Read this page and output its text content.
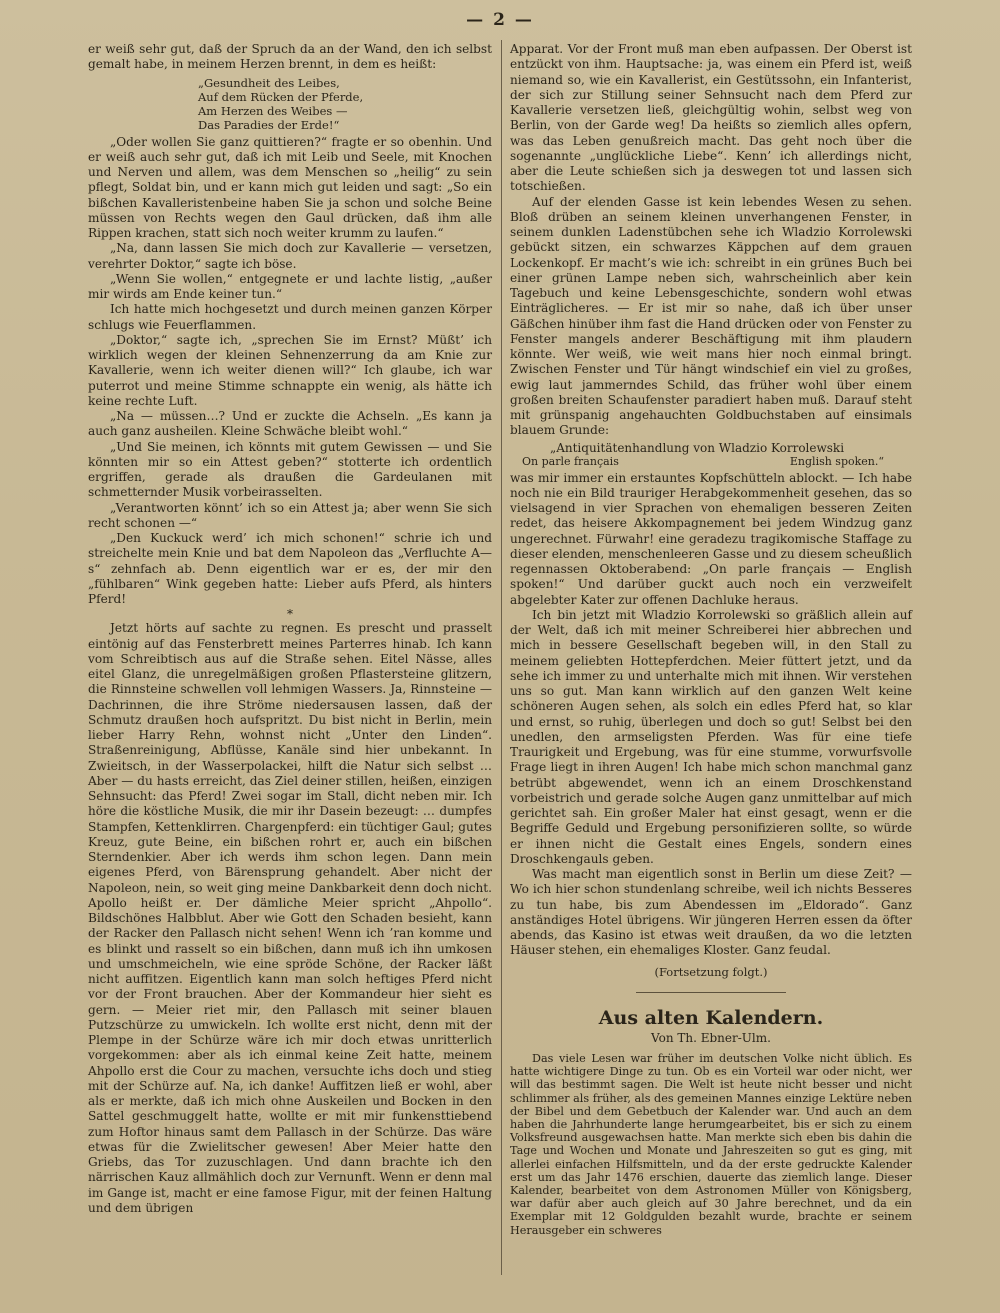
— 2 —

er weiß sehr gut, daß der Spruch da an der Wand, den ich selbst gemalt habe, in meinem Herzen brennt, in dem es heißt:

„Gesundheit des Leibes,
Auf dem Rücken der Pferde,
Am Herzen des Weibes —
Das Paradies der Erde!“

„Oder wollen Sie ganz quittieren?“ fragte er so obenhin. Und er weiß auch sehr gut, daß ich mit Leib und Seele, mit Knochen und Nerven und allem, was dem Menschen so „heilig“ zu sein pflegt, Soldat bin, und er kann mich gut leiden und sagt: „So ein bißchen Kavalleristenbeine haben Sie ja schon und solche Beine müssen von Rechts wegen den Gaul drücken, daß ihm alle Rippen krachen, statt sich noch weiter krumm zu laufen.“

„Na, dann lassen Sie mich doch zur Kavallerie — versetzen, verehrter Doktor,“ sagte ich böse.

„Wenn Sie wollen,“ entgegnete er und lachte listig, „außer mir wirds am Ende keiner tun.“

Ich hatte mich hochgesetzt und durch meinen ganzen Körper schlugs wie Feuerflammen.

„Doktor,“ sagte ich, „sprechen Sie im Ernst? Müßt’ ich wirklich wegen der kleinen Sehnenzerrung da am Knie zur Kavallerie, wenn ich weiter dienen will?“ Ich glaube, ich war puterrot und meine Stimme schnappte ein wenig, als hätte ich keine rechte Luft.

„Na — müssen…? Und er zuckte die Achseln. „Es kann ja auch ganz ausheilen. Kleine Schwäche bleibt wohl.“

„Und Sie meinen, ich könnts mit gutem Gewissen — und Sie könnten mir so ein Attest geben?“ stotterte ich ordentlich ergriffen, gerade als draußen die Gardeulanen mit schmetternder Musik vorbeirasselten.

„Verantworten könnt’ ich so ein Attest ja; aber wenn Sie sich recht schonen —“

„Den Kuckuck werd’ ich mich schonen!“ schrie ich und streichelte mein Knie und bat dem Napoleon das „Verfluchte A—s“ zehnfach ab. Denn eigentlich war er es, der mir den „fühlbaren“ Wink gegeben hatte: Lieber aufs Pferd, als hinters Pferd!

*

Jetzt hörts auf sachte zu regnen. Es prescht und prasselt eintönig auf das Fensterbrett meines Parterres hinab. Ich kann vom Schreibtisch aus auf die Straße sehen. Eitel Nässe, alles eitel Glanz, die unregelmäßigen großen Pflastersteine glitzern, die Rinnsteine schwellen voll lehmigen Wassers. Ja, Rinnsteine — Dachrinnen, die ihre Ströme niedersausen lassen, daß der Schmutz draußen hoch aufspritzt. Du bist nicht in Berlin, mein lieber Harry Rehn, wohnst nicht „Unter den Linden“. Straßenreinigung, Abflüsse, Kanäle sind hier unbekannt. In Zwieitsch, in der Wasserpolackei, hilft die Natur sich selbst … Aber — du hasts erreicht, das Ziel deiner stillen, heißen, einzigen Sehnsucht: das Pferd! Zwei sogar im Stall, dicht neben mir. Ich höre die köstliche Musik, die mir ihr Dasein bezeugt: … dumpfes Stampfen, Kettenklirren. Chargenpferd: ein tüchtiger Gaul; gutes Kreuz, gute Beine, ein bißchen rohrt er, auch ein bißchen Sterndenkier. Aber ich werds ihm schon legen. Dann mein eigenes Pferd, von Bärensprung gehandelt. Aber nicht der Napoleon, nein, so weit ging meine Dankbarkeit denn doch nicht. Apollo heißt er. Der dämliche Meier spricht „Ahpollo“. Bildschönes Halbblut. Aber wie Gott den Schaden besieht, kann der Racker den Pallasch nicht sehen! Wenn ich ’ran komme und es blinkt und rasselt so ein bißchen, dann muß ich ihn umkosen und umschmeicheln, wie eine spröde Schöne, der Racker läßt nicht auffitzen. Eigentlich kann man solch heftiges Pferd nicht vor der Front brauchen. Aber der Kommandeur hier sieht es gern. — Meier riet mir, den Pallasch mit seiner blauen Putzschürze zu umwickeln. Ich wollte erst nicht, denn mit der Plempe in der Schürze wäre ich mir doch etwas unritterlich vorgekommen: aber als ich einmal keine Zeit hatte, meinem Ahpollo erst die Cour zu machen, versuchte ichs doch und stieg mit der Schürze auf. Na, ich danke! Auffitzen ließ er wohl, aber als er merkte, daß ich mich ohne Auskeilen und Bocken in den Sattel geschmuggelt hatte, wollte er mit mir funkensttiebend zum Hoftor hinaus samt dem Pallasch in der Schürze. Das wäre etwas für die Zwielitscher gewesen! Aber Meier hatte den Griebs, das Tor zuzuschlagen. Und dann brachte ich den närrischen Kauz allmählich doch zur Vernunft. Wenn er denn mal im Gange ist, macht er eine famose Figur, mit der feinen Haltung und dem übrigen

Apparat. Vor der Front muß man eben aufpassen. Der Oberst ist entzückt von ihm. Hauptsache: ja, was einem ein Pferd ist, weiß niemand so, wie ein Kavallerist, ein Gestütssohn, ein Infanterist, der sich zur Stillung seiner Sehnsucht nach dem Pferd zur Kavallerie versetzen ließ, gleichgültig wohin, selbst weg von Berlin, von der Garde weg! Da heißts so ziemlich alles opfern, was das Leben genußreich macht. Das geht noch über die sogenannte „unglückliche Liebe“. Kenn’ ich allerdings nicht, aber die Leute schießen sich ja deswegen tot und lassen sich totschießen.

Auf der elenden Gasse ist kein lebendes Wesen zu sehen. Bloß drüben an seinem kleinen unverhangenen Fenster, in seinem dunklen Ladenstübchen sehe ich Wladzio Korrolewski gebückt sitzen, ein schwarzes Käppchen auf dem grauen Lockenkopf. Er macht’s wie ich: schreibt in ein grünes Buch bei einer grünen Lampe neben sich, wahrscheinlich aber kein Tagebuch und keine Lebensgeschichte, sondern wohl etwas Einträglicheres. — Er ist mir so nahe, daß ich über unser Gäßchen hinüber ihm fast die Hand drücken oder von Fenster zu Fenster mangels anderer Beschäftigung mit ihm plaudern könnte. Wer weiß, wie weit mans hier noch einmal bringt. Zwischen Fenster und Tür hängt windschief ein viel zu großes, ewig laut jammerndes Schild, das früher wohl über einem großen breiten Schaufenster paradiert haben muß. Darauf steht mit grünspanig angehauchten Goldbuchstaben auf einsimals blauem Grunde:

„Antiquitätenhandlung von Wladzio Korrolewski
On parle français	English spoken.“

was mir immer ein erstauntes Kopfschütteln ablockt. — Ich habe noch nie ein Bild trauriger Herabgekommenheit gesehen, das so vielsagend in vier Sprachen von ehemaligen besseren Zeiten redet, das heisere Akkompagnement bei jedem Windzug ganz ungerechnet. Fürwahr! eine geradezu tragikomische Staffage zu dieser elenden, menschenleeren Gasse und zu diesem scheußlich regennassen Oktoberabend: „On parle français — English spoken!“ Und darüber guckt auch noch ein verzweifelt abgelebter Kater zur offenen Dachluke heraus.

Ich bin jetzt mit Wladzio Korrolewski so gräßlich allein auf der Welt, daß ich mit meiner Schreiberei hier abbrechen und mich in bessere Gesellschaft begeben will, in den Stall zu meinem geliebten Hottepferdchen. Meier füttert jetzt, und da sehe ich immer zu und unterhalte mich mit ihnen. Wir verstehen uns so gut. Man kann wirklich auf den ganzen Welt keine schöneren Augen sehen, als solch ein edles Pferd hat, so klar und ernst, so ruhig, überlegen und doch so gut! Selbst bei den unedlen, den armseligsten Pferden. Was für eine tiefe Traurigkeit und Ergebung, was für eine stumme, vorwurfsvolle Frage liegt in ihren Augen! Ich habe mich schon manchmal ganz betrübt abgewendet, wenn ich an einem Droschkenstand vorbeistrich und gerade solche Augen ganz unmittelbar auf mich gerichtet sah. Ein großer Maler hat einst gesagt, wenn er die Begriffe Geduld und Ergebung personifizieren sollte, so würde er ihnen nicht die Gestalt eines Engels, sondern eines Droschkengauls geben.

Was macht man eigentlich sonst in Berlin um diese Zeit? — Wo ich hier schon stundenlang schreibe, weil ich nichts Besseres zu tun habe, bis zum Abendessen im „Eldorado“. Ganz anständiges Hotel übrigens. Wir jüngeren Herren essen da öfter abends, das Kasino ist etwas weit draußen, da wo die letzten Häuser stehen, ein ehemaliges Kloster. Ganz feudal.

(Fortsetzung folgt.)
Aus alten Kalendern.
Von Th. Ebner-Ulm.

Das viele Lesen war früher im deutschen Volke nicht üblich. Es hatte wichtigere Dinge zu tun. Ob es ein Vorteil war oder nicht, wer will das bestimmt sagen. Die Welt ist heute nicht besser und nicht schlimmer als früher, als des gemeinen Mannes einzige Lektüre neben der Bibel und dem Gebetbuch der Kalender war. Und auch an dem haben die Jahrhunderte lange herumgearbeitet, bis er sich zu einem Volksfreund ausgewachsen hatte. Man merkte sich eben bis dahin die Tage und Wochen und Monate und Jahreszeiten so gut es ging, mit allerlei einfachen Hilfsmitteln, und da der erste gedruckte Kalender erst um das Jahr 1476 erschien, dauerte das ziemlich lange. Dieser Kalender, bearbeitet von dem Astronomen Müller von Königsberg, war dafür aber auch gleich auf 30 Jahre berechnet, und da ein Exemplar mit 12 Goldgulden bezahlt wurde, brachte er seinem Herausgeber ein schweres
